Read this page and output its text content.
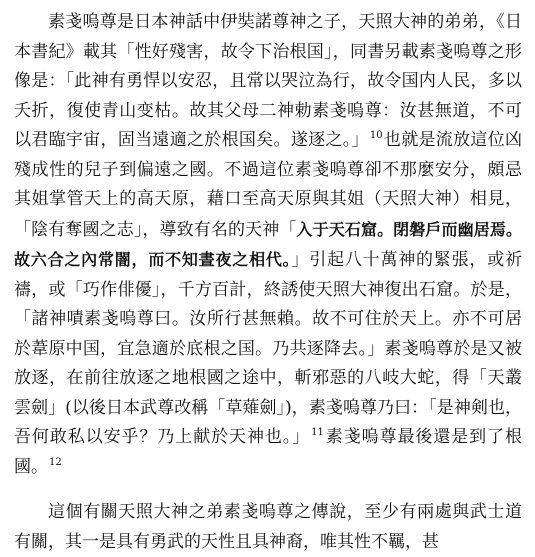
素戔嗚尊是日本神話中伊奘諾尊神之子，天照大神的弟弟，《日本書紀》載其「性好殘害，故令下治根国」，同書另載素戔嗚尊之形像是：「此神有勇悍以安忍，且常以哭泣為行，故令国内人民，多以夭折，復使青山变枯。故其父母二神勅素戔嗚尊：汝甚無道，不可以君臨宇宙，固当遠適之於根国矣。遂逐之。」$^{10}$也就是流放這位凶殘成性的兒子到偏遠之國。不過這位素戔嗚尊卻不那麼安分，頗忌其姐掌管天上的高天原，藉口至高天原與其姐（天照大神）相見，「陰有奪國之志」，導致有名的天神「入于天石窟。閉磐戶而幽居焉。故六合之內常闇，而不知晝夜之相代。」引起八十萬神的緊張，或祈禱，或「巧作俳優」，千方百計，終誘使天照大神復出石窟。於是，「諸神嘖素戔嗚尊曰。汝所行甚無賴。故不可住於天上。亦不可居於葦原中国，宜急適於底根之国。乃共逐降去。」素戔嗚尊於是又被放逐，在前往放逐之地根國之途中，斬邪惡的八岐大蛇，得「天叢雲劍」(以後日本武尊改稱「草薙劍」)，素戔嗚尊乃曰：「是神剣也，吾何敢私以安乎？乃上献於天神也。」$^{11}$素戔嗚尊最後還是到了根國。$^{12}$

這個有關天照大神之弟素戔嗚尊之傳說，至少有兩處與武士道有關，其一是具有勇武的天性且具神裔，唯其性不羈，甚
